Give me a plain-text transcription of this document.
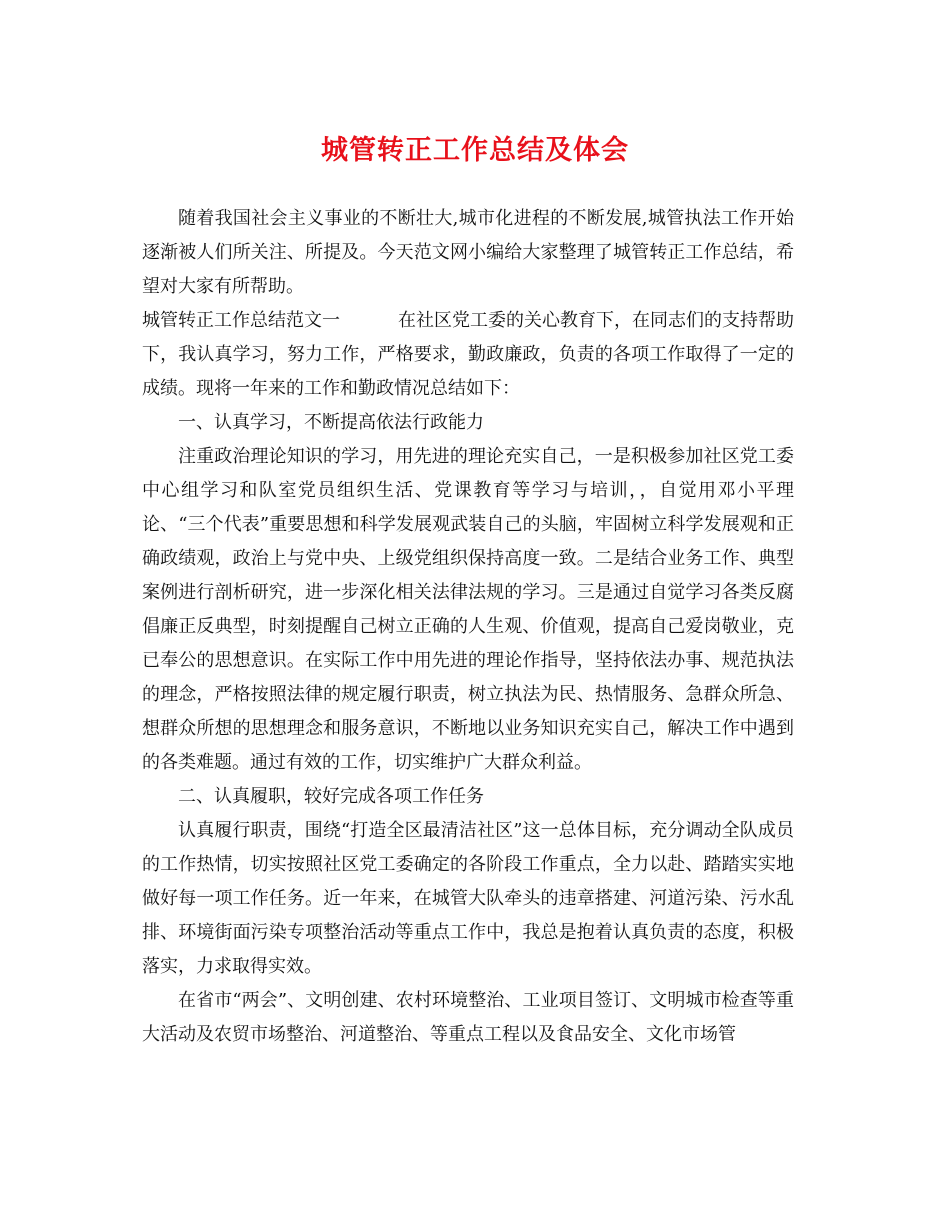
城管转正工作总结及体会

随着我国社会主义事业的不断壮大,城市化进程的不断发展,城管执法工作开始逐渐被人们所关注、所提及。今天范文网小编给大家整理了城管转正工作总结，希望对大家有所帮助。

城管转正工作总结范文一	在社区党工委的关心教育下，在同志们的支持帮助下，我认真学习，努力工作，严格要求，勤政廉政，负责的各项工作取得了一定的成绩。现将一年来的工作和勤政情况总结如下：

一、认真学习，不断提高依法行政能力

注重政治理论知识的学习，用先进的理论充实自己，一是积极参加社区党工委中心组学习和队室党员组织生活、党课教育等学习与培训，，自觉用邓小平理论、“三个代表”重要思想和科学发展观武装自己的头脑，牢固树立科学发展观和正确政绩观，政治上与党中央、上级党组织保持高度一致。二是结合业务工作、典型案例进行剖析研究，进一步深化相关法律法规的学习。三是通过自觉学习各类反腐倡廉正反典型，时刻提醒自己树立正确的人生观、价值观，提高自己爱岗敬业，克已奉公的思想意识。在实际工作中用先进的理论作指导，坚持依法办事、规范执法的理念，严格按照法律的规定履行职责，树立执法为民、热情服务、急群众所急、想群众所想的思想理念和服务意识，不断地以业务知识充实自己，解决工作中遇到的各类难题。通过有效的工作，切实维护广大群众利益。

二、认真履职，较好完成各项工作任务

认真履行职责，围绕“打造全区最清洁社区”这一总体目标，充分调动全队成员的工作热情，切实按照社区党工委确定的各阶段工作重点，全力以赴、踏踏实实地做好每一项工作任务。近一年来，在城管大队牵头的违章搭建、河道污染、污水乱排、环境街面污染专项整治活动等重点工作中，我总是抱着认真负责的态度，积极落实，力求取得实效。

在省市“两会”、文明创建、农村环境整治、工业项目签订、文明城市检查等重大活动及农贸市场整治、河道整治、等重点工程以及食品安全、文化市场管
